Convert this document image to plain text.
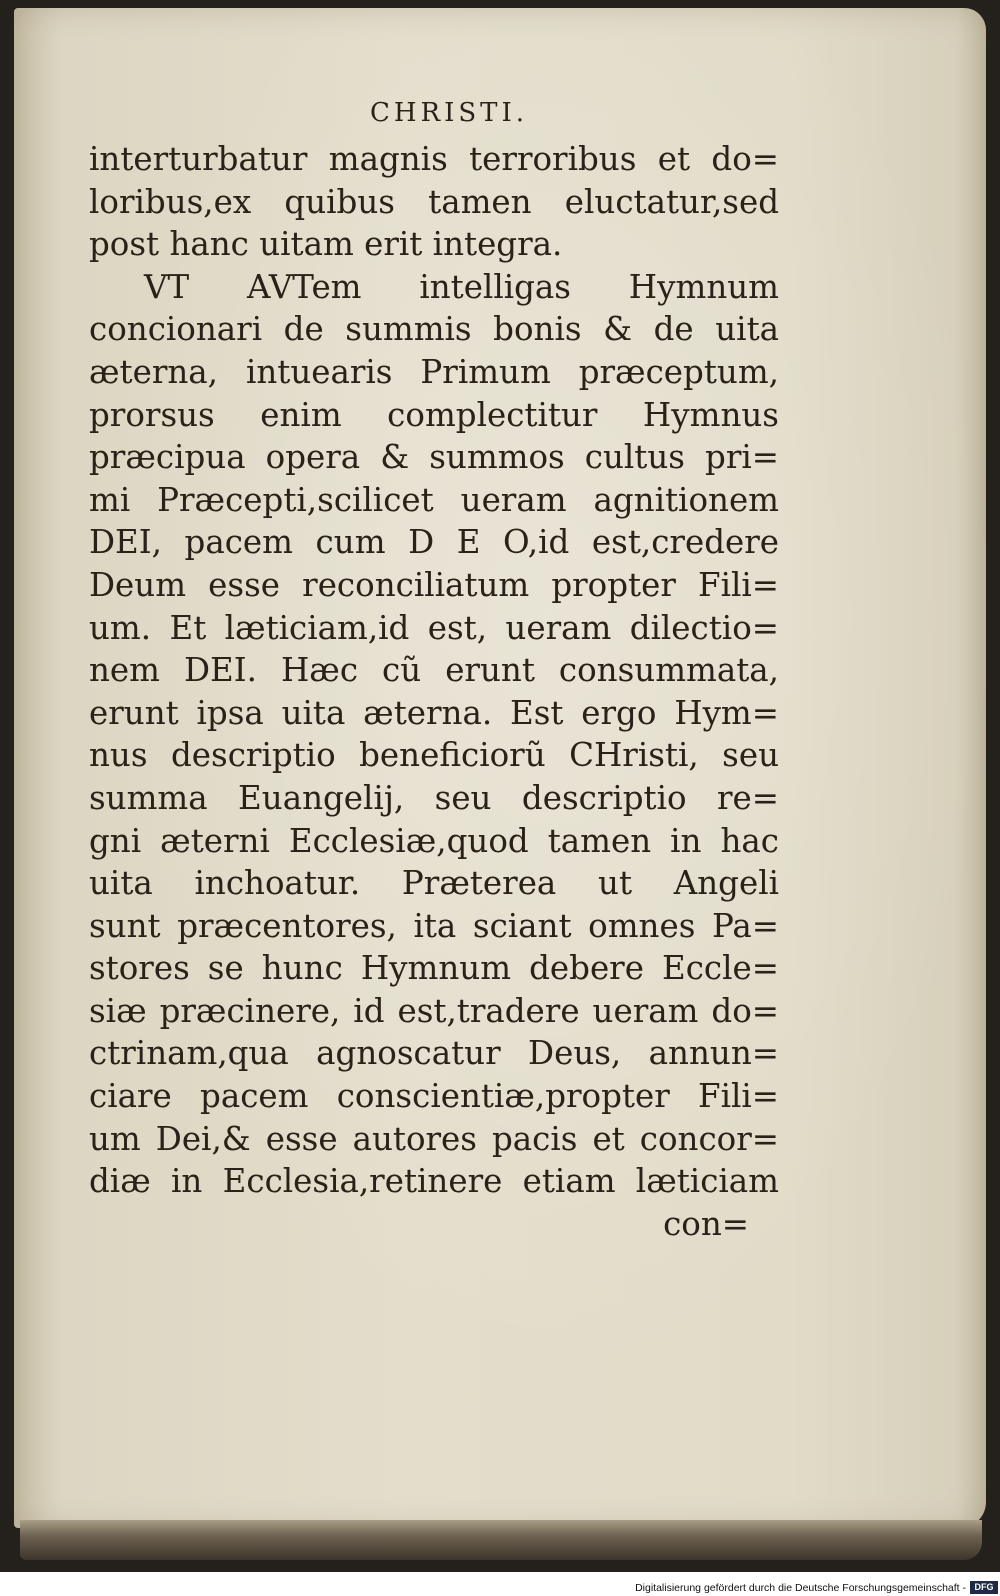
CHRISTI.
interturbatur magnis terroribus et do=
loribus,ex quibus tamen eluctatur,sed
post hanc uitam erit integra.
VT AVTem intelligas Hymnum
concionari de summis bonis & de uita
æterna, intuearis Primum præceptum,
prorsus enim complectitur Hymnus
præcipua opera & summos cultus pri=
mi Præcepti,scilicet ueram agnitionem
DEI, pacem cum D E O,id est,credere
Deum esse reconciliatum propter Fili=
um. Et læticiam,id est, ueram dilectio=
nem DEI. Hæc cũ erunt consummata,
erunt ipsa uita æterna. Est ergo Hym=
nus descriptio beneficiorũ CHristi, seu
summa Euangelij, seu descriptio re=
gni æterni Ecclesiæ,quod tamen in hac
uita inchoatur. Præterea ut Angeli
sunt præcentores, ita sciant omnes Pa=
stores se hunc Hymnum debere Eccle=
siæ præcinere, id est,tradere ueram do=
ctrinam,qua agnoscatur Deus, annun=
ciare pacem conscientiæ,propter Fili=
um Dei,& esse autores pacis et concor=
diæ in Ecclesia,retinere etiam læticiam
con=
Digitalisierung gefördert durch die Deutsche Forschungsgemeinschaft - DFG
